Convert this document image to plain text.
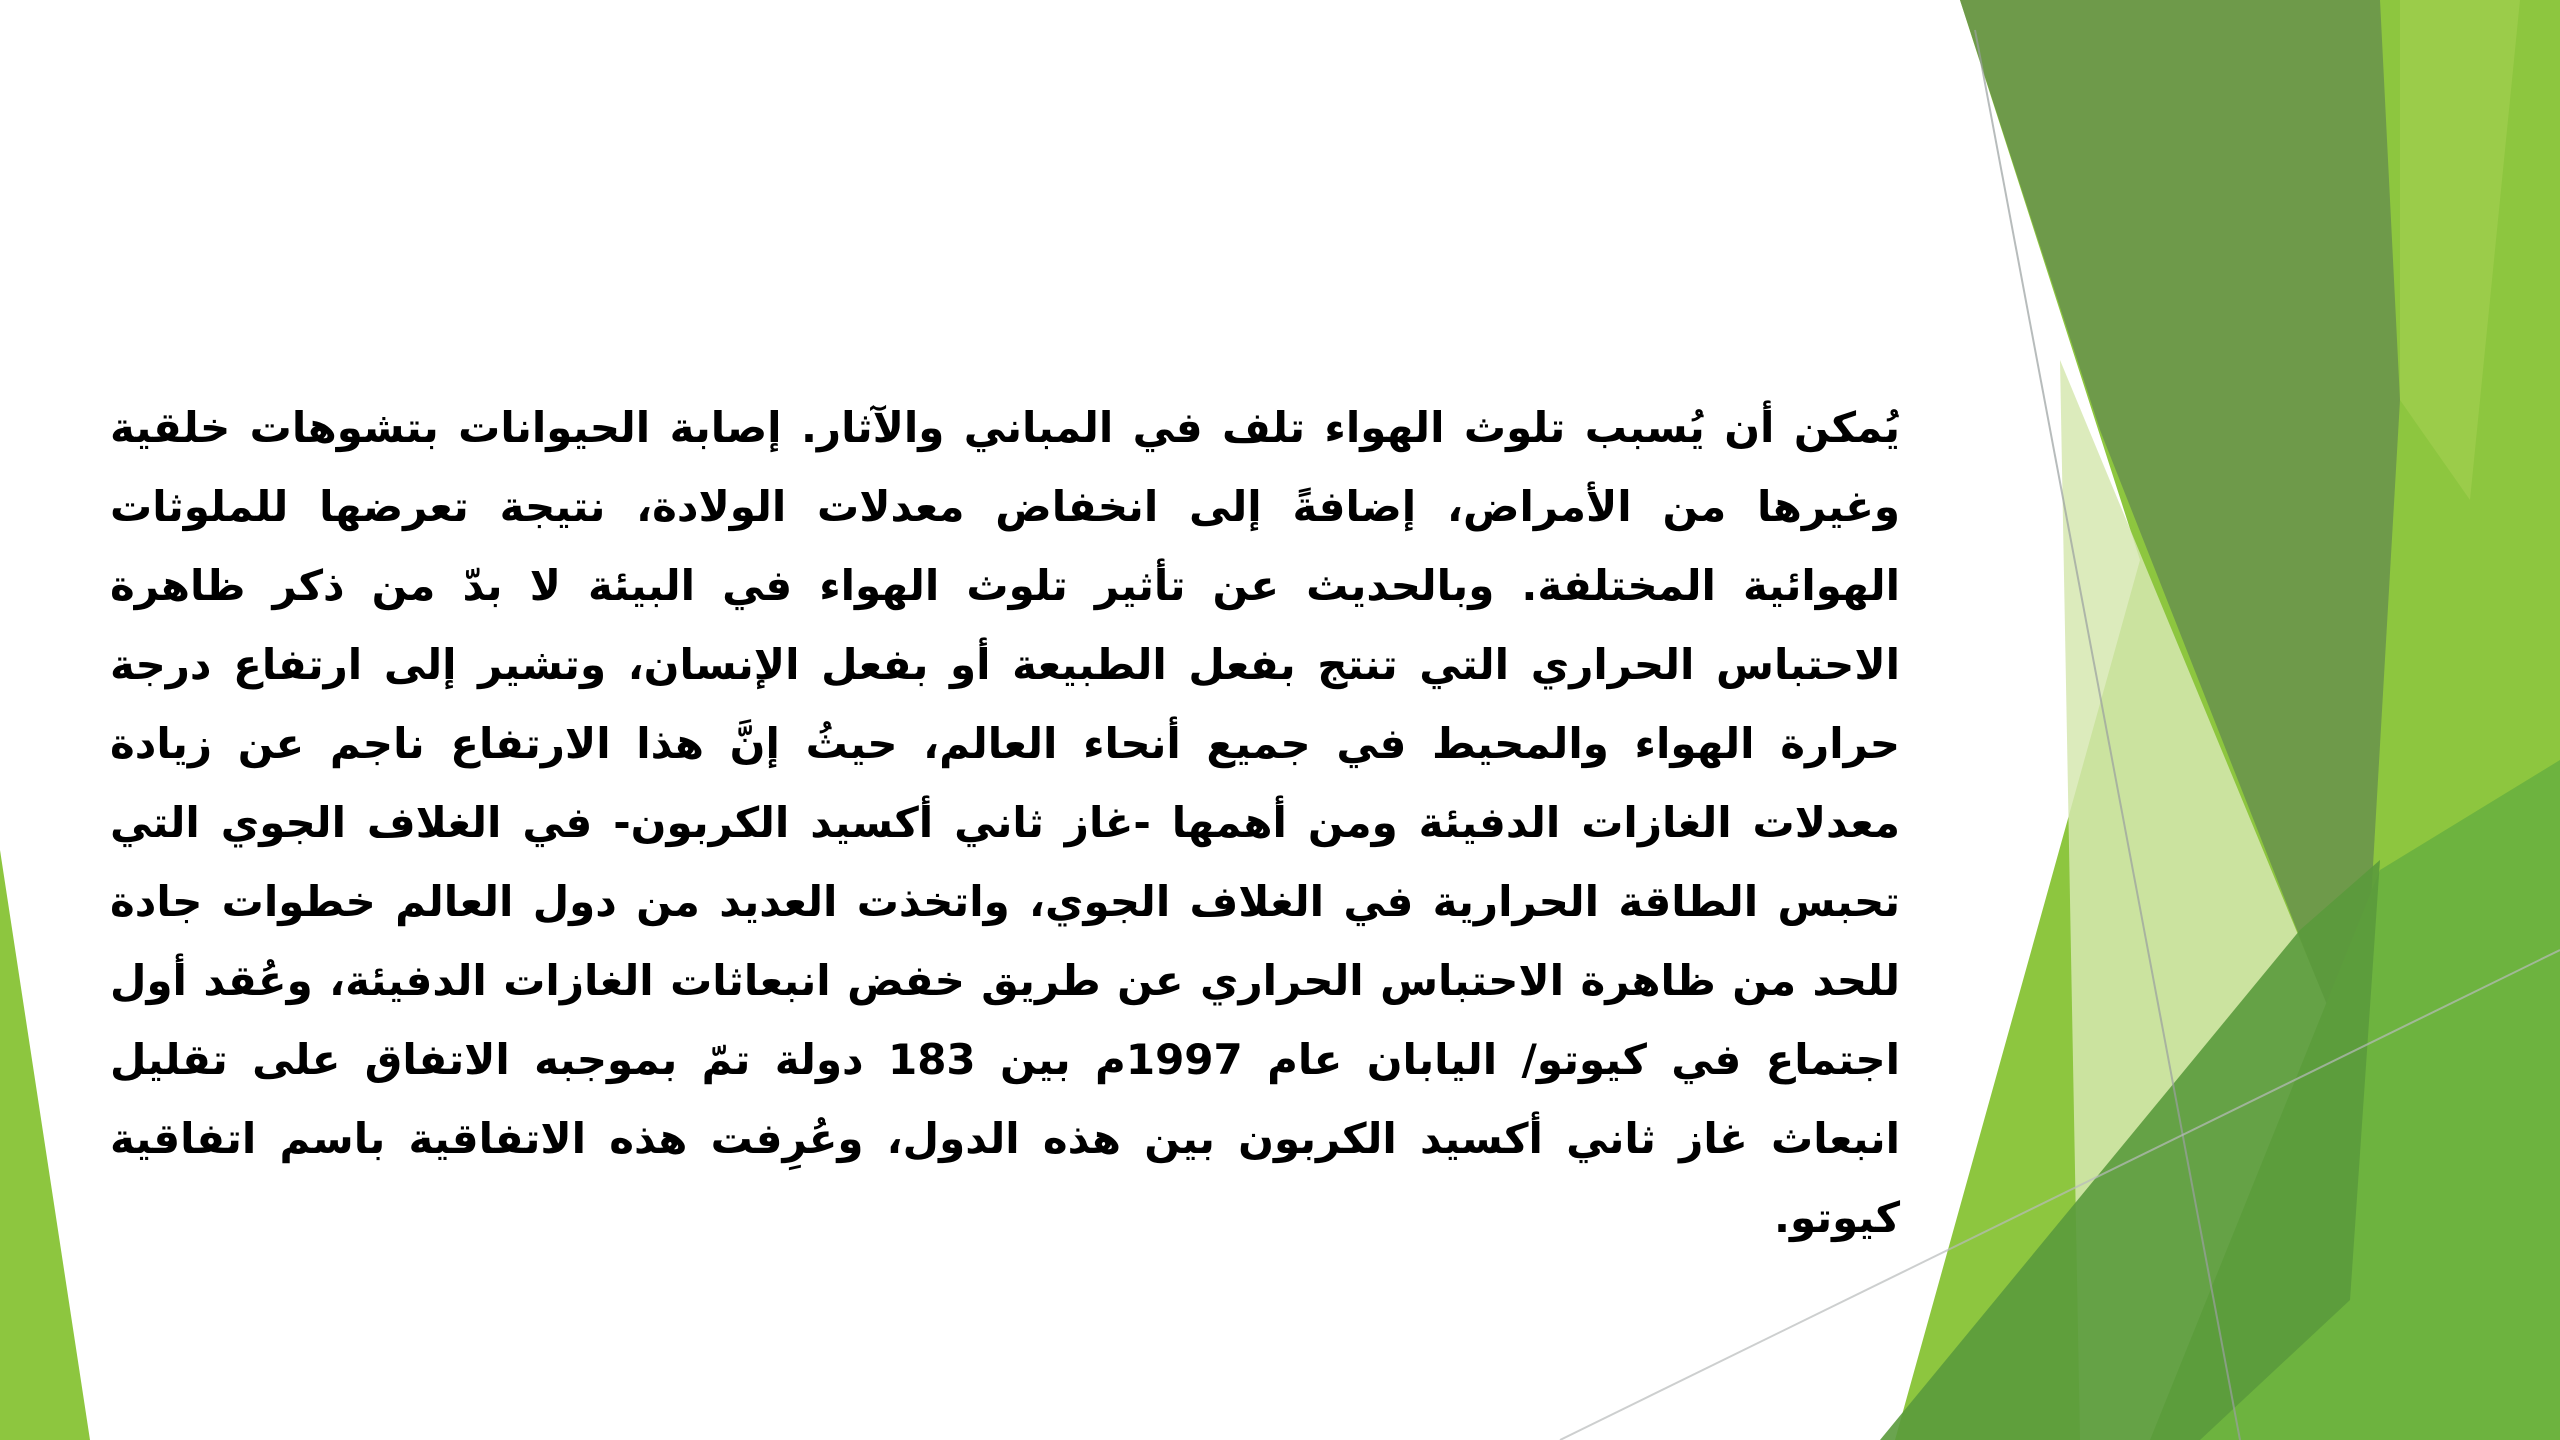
يُمكن أن يُسبب تلوث الهواء تلف في المباني والآثار. إصابة الحيوانات بتشوهات خلقية وغيرها من الأمراض، إضافةً إلى انخفاض معدلات الولادة، نتيجة تعرضها للملوثات الهوائية المختلفة. وبالحديث عن تأثير تلوث الهواء في البيئة لا بدّ من ذكر ظاهرة الاحتباس الحراري التي تنتج بفعل الطبيعة أو بفعل الإنسان، وتشير إلى ارتفاع درجة حرارة الهواء والمحيط في جميع أنحاء العالم، حيثُ إنَّ هذا الارتفاع ناجم عن زيادة معدلات الغازات الدفيئة ومن أهمها -غاز ثاني أكسيد الكربون- في الغلاف الجوي التي تحبس الطاقة الحرارية في الغلاف الجوي، واتخذت العديد من دول العالم خطوات جادة للحد من ظاهرة الاحتباس الحراري عن طريق خفض انبعاثات الغازات الدفيئة، وعُقد أول اجتماع في كيوتو/ اليابان عام 1997م بين 183 دولة تمّ بموجبه الاتفاق على تقليل انبعاث غاز ثاني أكسيد الكربون بين هذه الدول، وعُرِفت هذه الاتفاقية باسم اتفاقية كيوتو.
